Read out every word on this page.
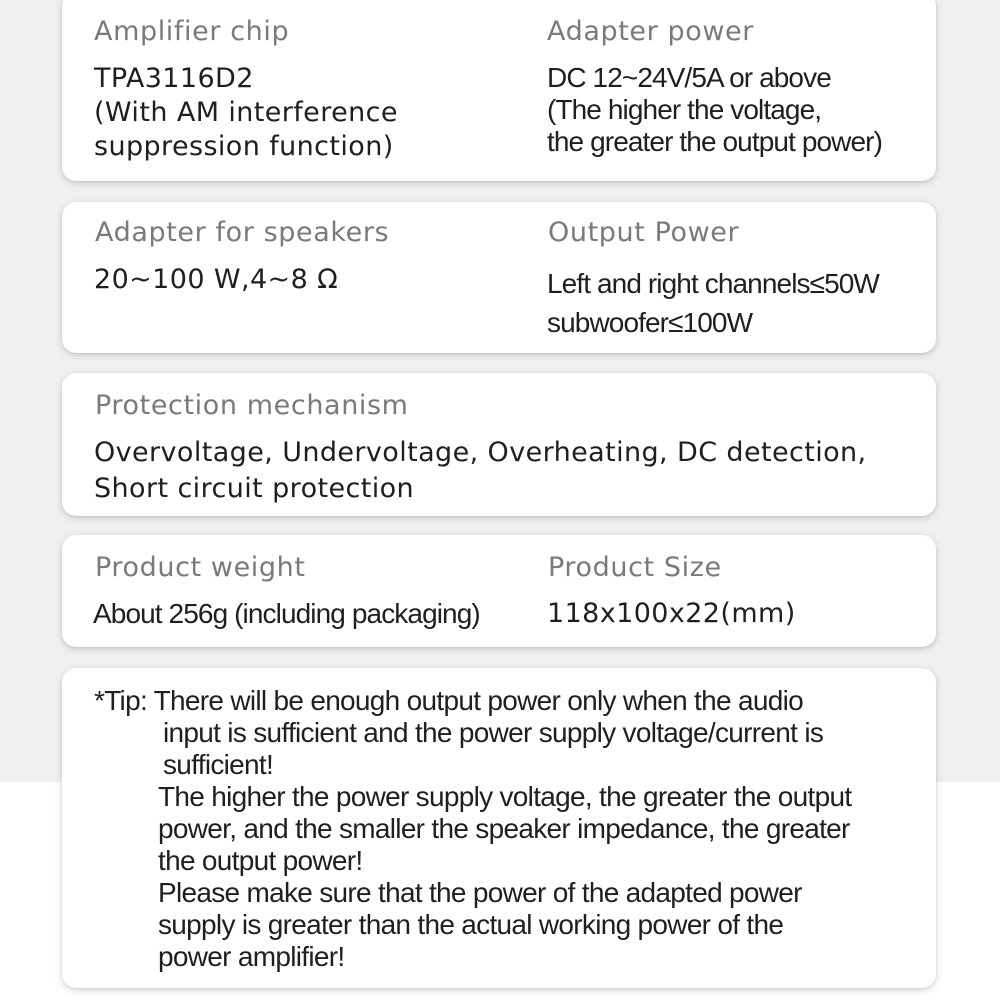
Amplifier chip
TPA3116D2
(With AM interference
suppression function)
Adapter power
DC 12~24V/5A or above
(The higher the voltage,
the greater the output power)
Adapter for speakers
20~100 W,4~8 Ω
Output Power
Left and right channels≤50W
subwoofer≤100W
Protection mechanism
Overvoltage, Undervoltage, Overheating, DC detection,
Short circuit protection
Product weight
About 256g (including packaging)
Product Size
118x100x22(mm)
*Tip: There will be enough output power only when the audio
input is sufficient and the power supply voltage/current is
sufficient!
The higher the power supply voltage, the greater the output
power, and the smaller the speaker impedance, the greater
the output power!
Please make sure that the power of the adapted power
supply is greater than the actual working power of the
power amplifier!
